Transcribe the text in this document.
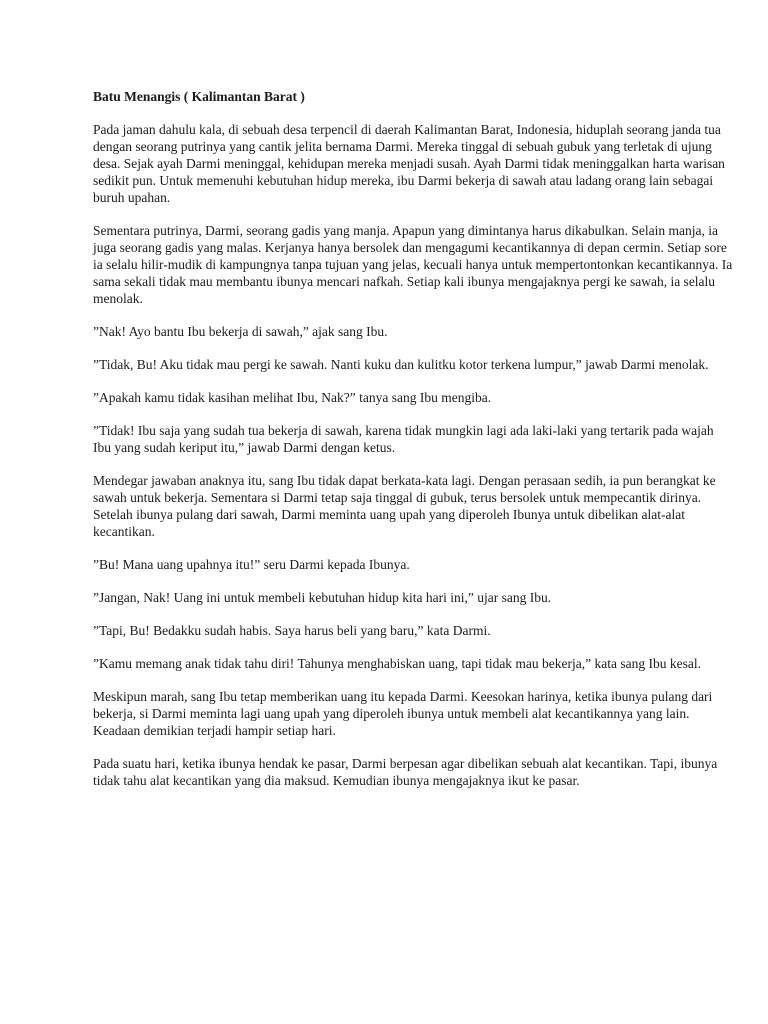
Batu Menangis ( Kalimantan Barat )

Pada jaman dahulu kala, di sebuah desa terpencil di daerah Kalimantan Barat, Indonesia, hiduplah seorang janda tua dengan seorang putrinya yang cantik jelita bernama Darmi. Mereka tinggal di sebuah gubuk yang terletak di ujung desa. Sejak ayah Darmi meninggal, kehidupan mereka menjadi susah. Ayah Darmi tidak meninggalkan harta warisan sedikit pun. Untuk memenuhi kebutuhan hidup mereka, ibu Darmi bekerja di sawah atau ladang orang lain sebagai buruh upahan.

Sementara putrinya, Darmi, seorang gadis yang manja. Apapun yang dimintanya harus dikabulkan. Selain manja, ia juga seorang gadis yang malas. Kerjanya hanya bersolek dan mengagumi kecantikannya di depan cermin. Setiap sore ia selalu hilir-mudik di kampungnya tanpa tujuan yang jelas, kecuali hanya untuk mempertontonkan kecantikannya. Ia sama sekali tidak mau membantu ibunya mencari nafkah. Setiap kali ibunya mengajaknya pergi ke sawah, ia selalu menolak.

”Nak! Ayo bantu Ibu bekerja di sawah,” ajak sang Ibu.

”Tidak, Bu! Aku tidak mau pergi ke sawah. Nanti kuku dan kulitku kotor terkena lumpur,” jawab Darmi menolak.

”Apakah kamu tidak kasihan melihat Ibu, Nak?” tanya sang Ibu mengiba.

”Tidak! Ibu saja yang sudah tua bekerja di sawah, karena tidak mungkin lagi ada laki-laki yang tertarik pada wajah Ibu yang sudah keriput itu,” jawab Darmi dengan ketus.

Mendegar jawaban anaknya itu, sang Ibu tidak dapat berkata-kata lagi. Dengan perasaan sedih, ia pun berangkat ke sawah untuk bekerja. Sementara si Darmi tetap saja tinggal di gubuk, terus bersolek untuk mempecantik dirinya. Setelah ibunya pulang dari sawah, Darmi meminta uang upah yang diperoleh Ibunya untuk dibelikan alat-alat kecantikan.

”Bu! Mana uang upahnya itu!” seru Darmi kepada Ibunya.

”Jangan, Nak! Uang ini untuk membeli kebutuhan hidup kita hari ini,” ujar sang Ibu.

”Tapi, Bu! Bedakku sudah habis. Saya harus beli yang baru,” kata Darmi.

”Kamu memang anak tidak tahu diri! Tahunya menghabiskan uang, tapi tidak mau bekerja,” kata sang Ibu kesal.

Meskipun marah, sang Ibu tetap memberikan uang itu kepada Darmi. Keesokan harinya, ketika ibunya pulang dari bekerja, si Darmi meminta lagi uang upah yang diperoleh ibunya untuk membeli alat kecantikannya yang lain. Keadaan demikian terjadi hampir setiap hari.

Pada suatu hari, ketika ibunya hendak ke pasar, Darmi berpesan agar dibelikan sebuah alat kecantikan. Tapi, ibunya tidak tahu alat kecantikan yang dia maksud. Kemudian ibunya mengajaknya ikut ke pasar.
